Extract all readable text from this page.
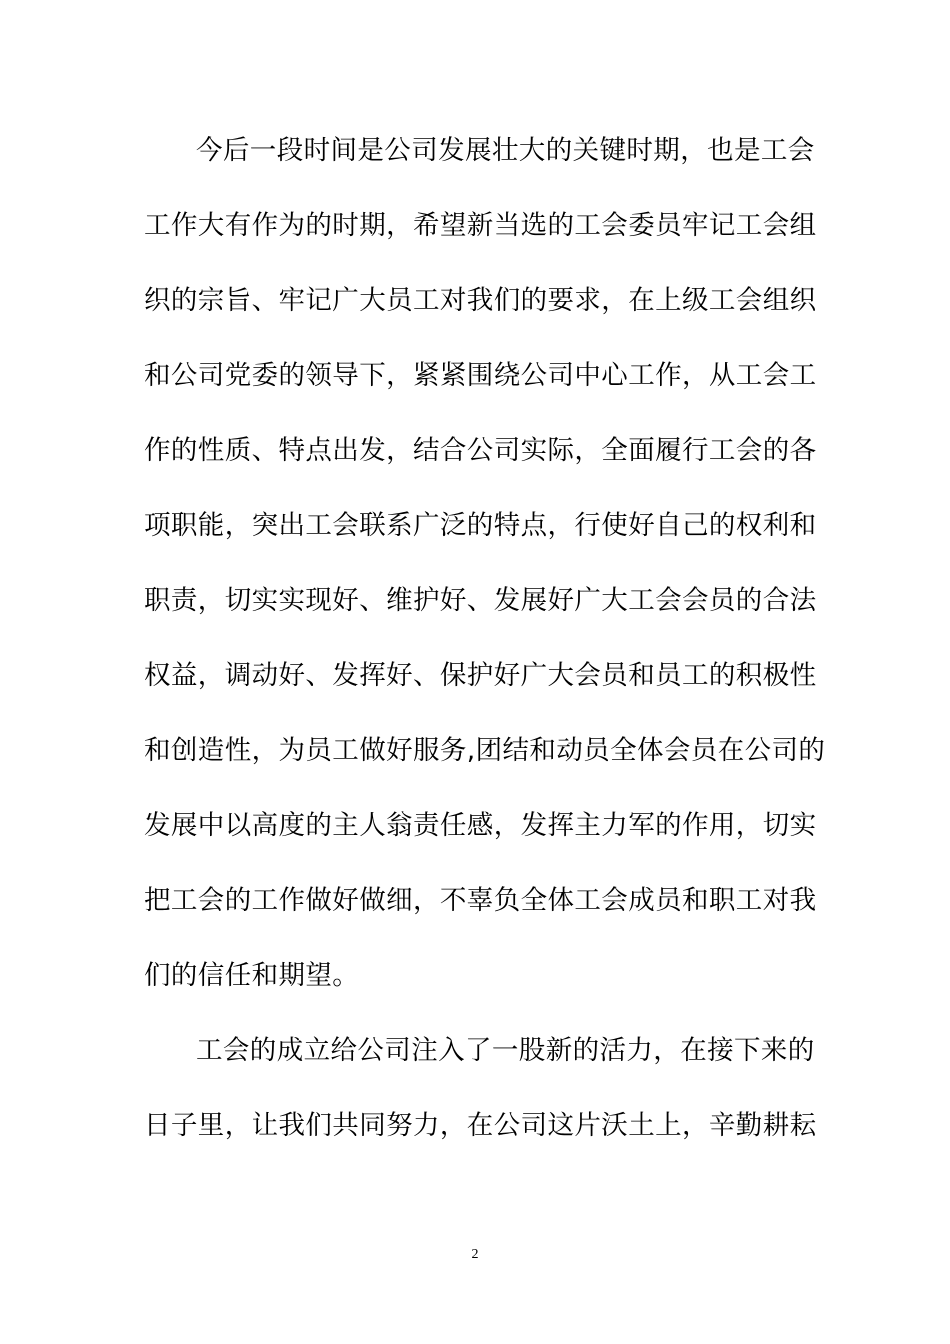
今后一段时间是公司发展壮大的关键时期，也是工会
工作大有作为的时期，希望新当选的工会委员牢记工会组
织的宗旨、牢记广大员工对我们的要求，在上级工会组织
和公司党委的领导下，紧紧围绕公司中心工作，从工会工
作的性质、特点出发，结合公司实际，全面履行工会的各
项职能，突出工会联系广泛的特点，行使好自己的权利和
职责，切实实现好、维护好、发展好广大工会会员的合法
权益，调动好、发挥好、保护好广大会员和员工的积极性
和创造性，为员工做好服务,团结和动员全体会员在公司的
发展中以高度的主人翁责任感，发挥主力军的作用，切实
把工会的工作做好做细，不辜负全体工会成员和职工对我
们的信任和期望。
工会的成立给公司注入了一股新的活力，在接下来的
日子里，让我们共同努力，在公司这片沃土上，辛勤耕耘
2
